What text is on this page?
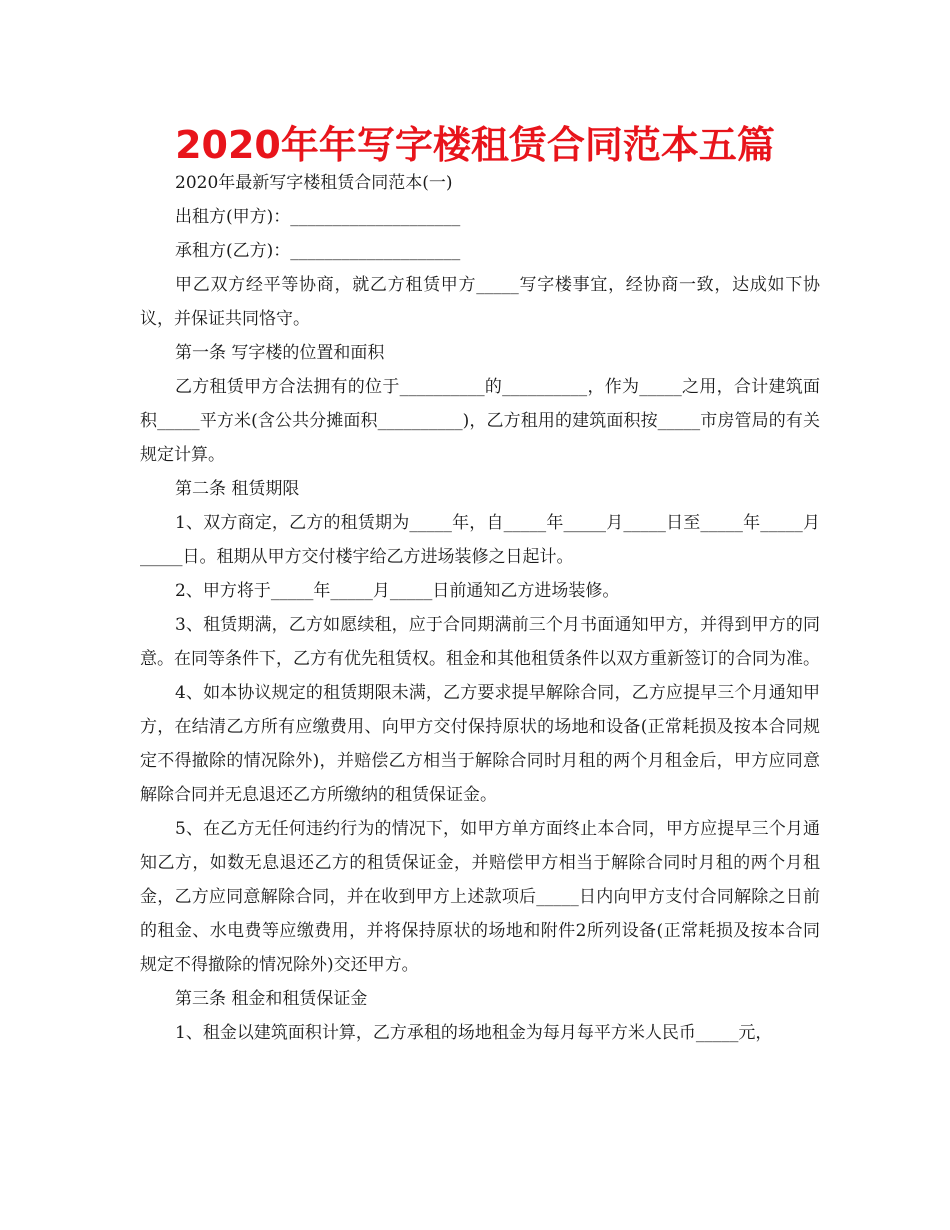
2020年年写字楼租赁合同范本五篇

2020年最新写字楼租赁合同范本(一)

出租方(甲方)：____________________

承租方(乙方)：____________________

甲乙双方经平等协商，就乙方租赁甲方_____写字楼事宜，经协商一致，达成如下协议，并保证共同恪守。

第一条 写字楼的位置和面积

乙方租赁甲方合法拥有的位于__________的__________，作为_____之用，合计建筑面积_____平方米(含公共分摊面积__________)，乙方租用的建筑面积按_____市房管局的有关规定计算。

第二条 租赁期限

1、双方商定，乙方的租赁期为_____年，自_____年_____月_____日至_____年_____月_____日。租期从甲方交付楼宇给乙方进场装修之日起计。

2、甲方将于_____年_____月_____日前通知乙方进场装修。

3、租赁期满，乙方如愿续租，应于合同期满前三个月书面通知甲方，并得到甲方的同意。在同等条件下，乙方有优先租赁权。租金和其他租赁条件以双方重新签订的合同为准。

4、如本协议规定的租赁期限未满，乙方要求提早解除合同，乙方应提早三个月通知甲方，在结清乙方所有应缴费用、向甲方交付保持原状的场地和设备(正常耗损及按本合同规定不得撤除的情况除外)，并赔偿乙方相当于解除合同时月租的两个月租金后，甲方应同意解除合同并无息退还乙方所缴纳的租赁保证金。

5、在乙方无任何违约行为的情况下，如甲方单方面终止本合同，甲方应提早三个月通知乙方，如数无息退还乙方的租赁保证金，并赔偿甲方相当于解除合同时月租的两个月租金，乙方应同意解除合同，并在收到甲方上述款项后_____日内向甲方支付合同解除之日前的租金、水电费等应缴费用，并将保持原状的场地和附件2所列设备(正常耗损及按本合同规定不得撤除的情况除外)交还甲方。

第三条 租金和租赁保证金

1、租金以建筑面积计算，乙方承租的场地租金为每月每平方米人民币_____元，
